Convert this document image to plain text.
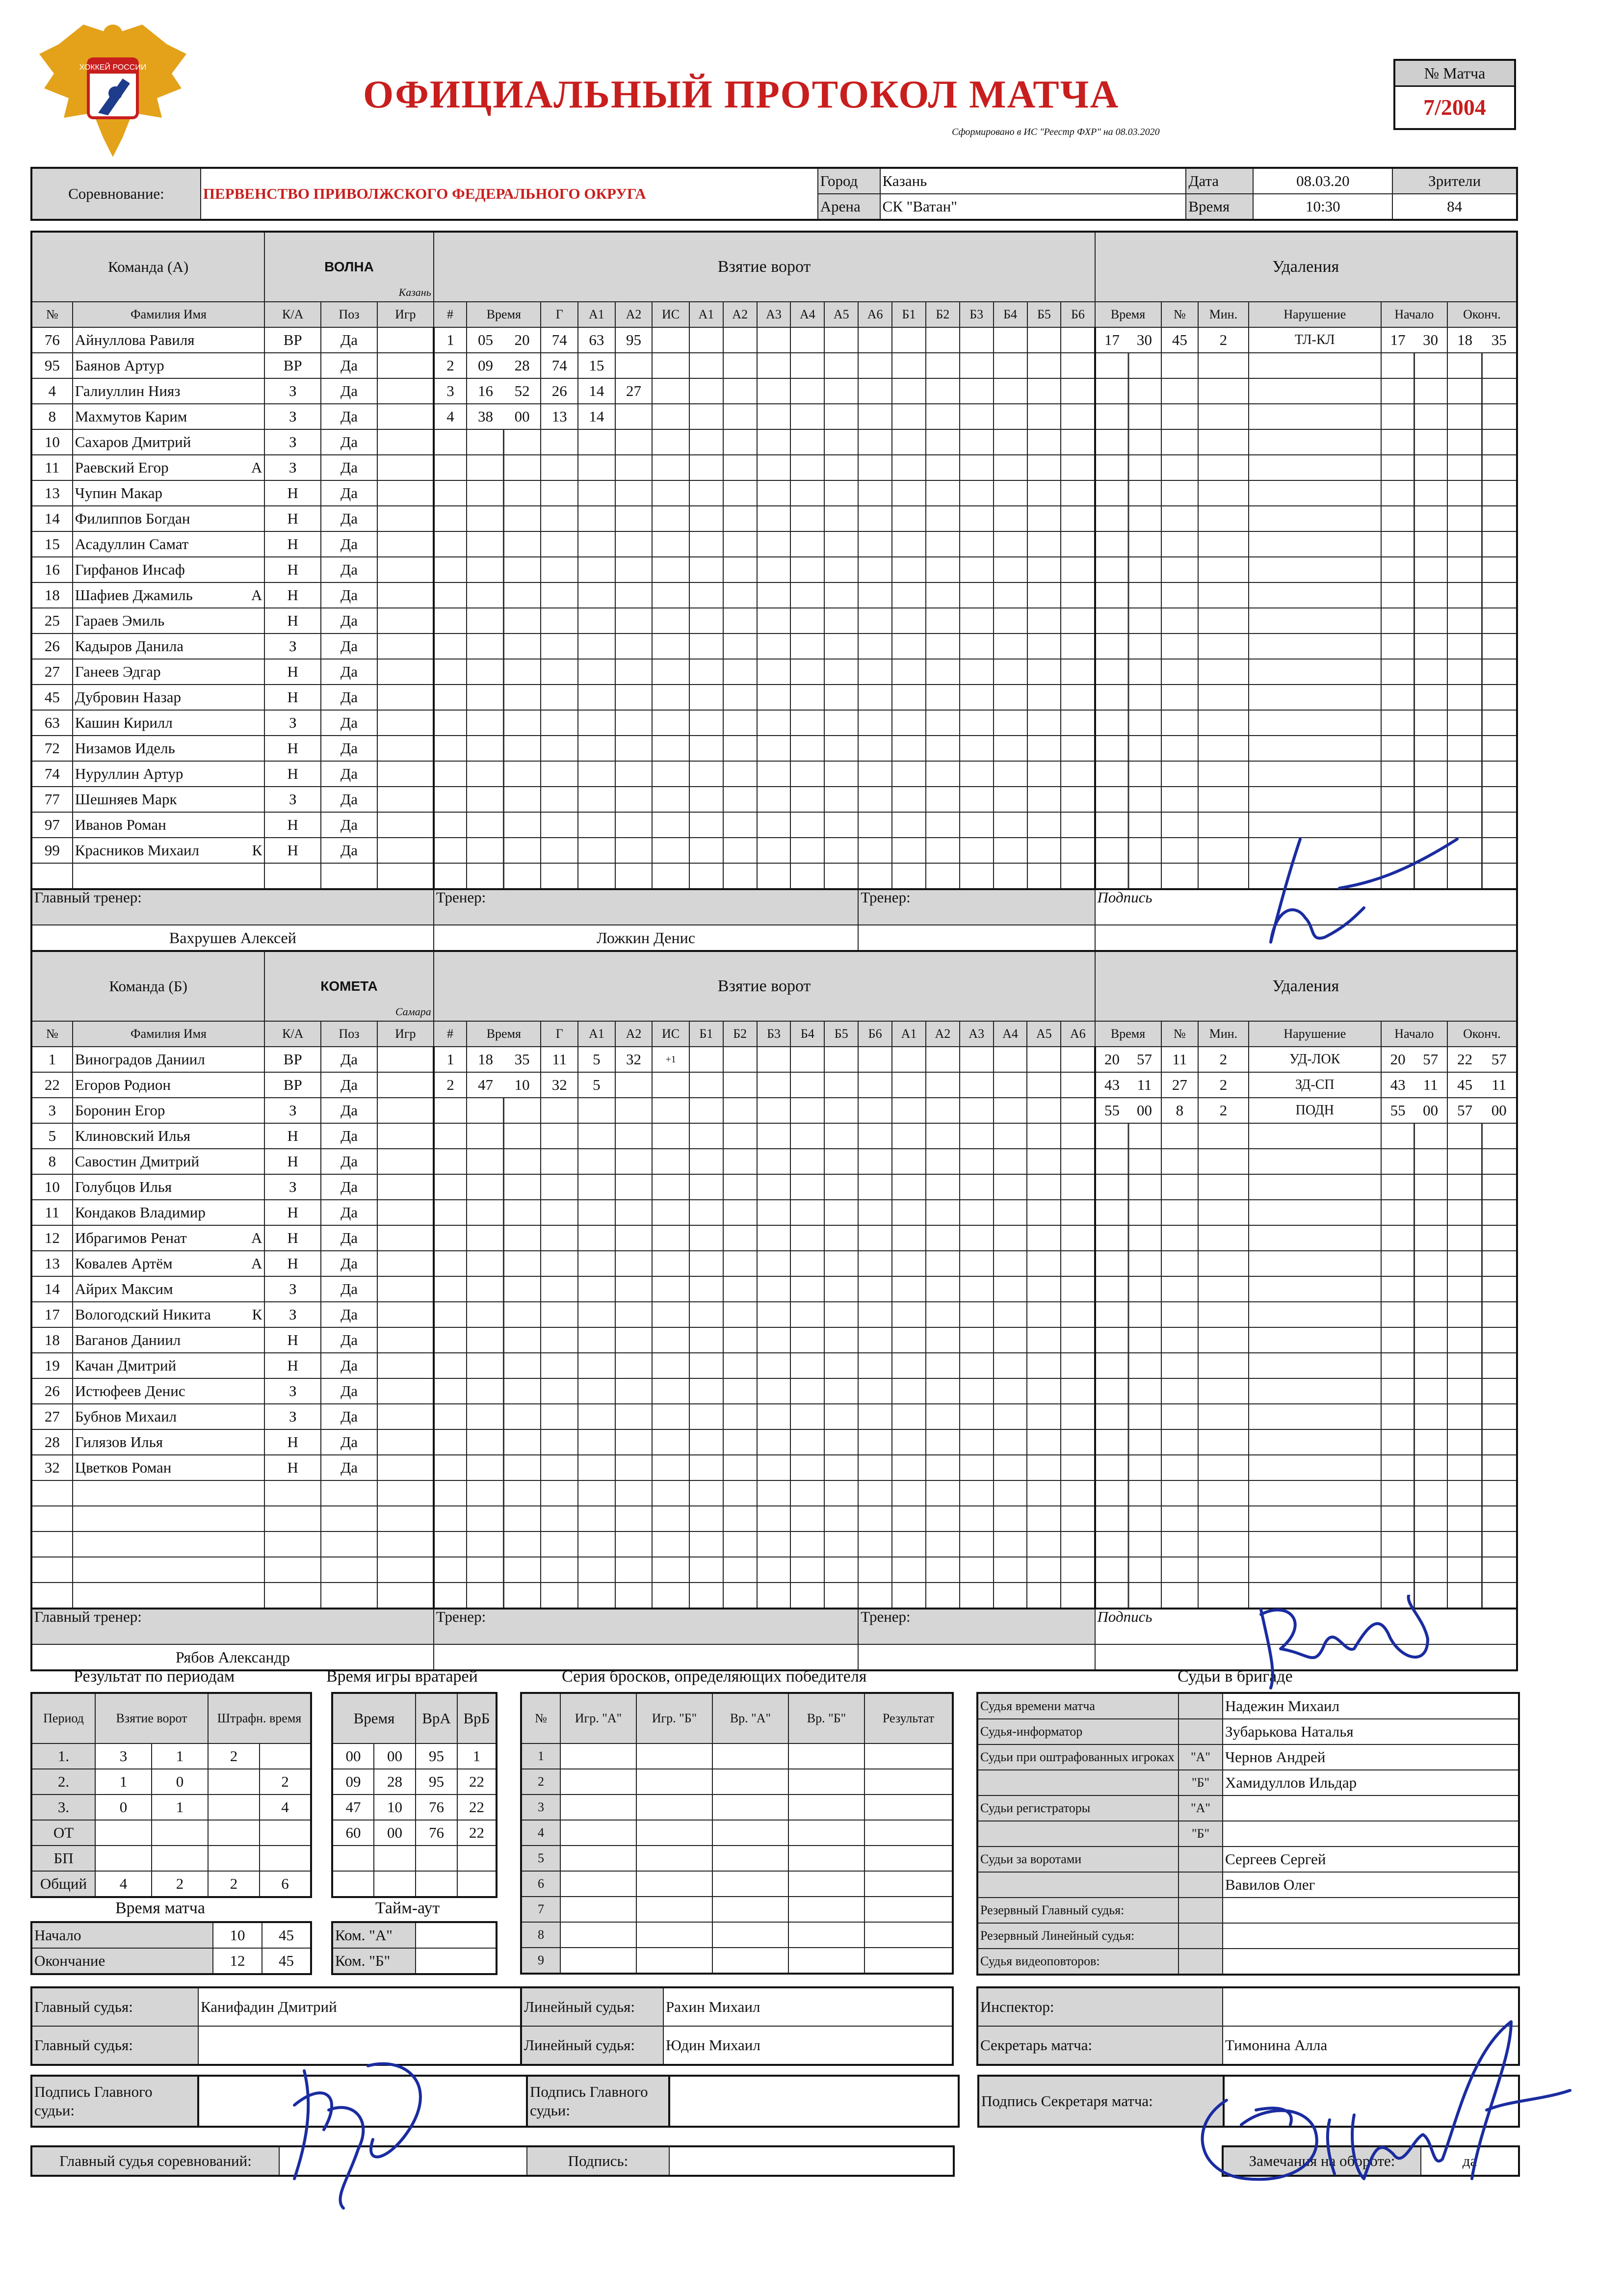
ХОККЕЙ РОССИИ
ОФИЦИАЛЬНЫЙ ПРОТОКОЛ МАТЧА
Сформировано в ИС "Реестр ФХР" на 08.03.2020
№ Матча
7/2004
Соревнование:	ПЕРВЕНСТВО ПРИВОЛЖСКОГО ФЕДЕРАЛЬНОГО ОКРУГА	Город	Казань	Дата	08.03.20	Зрители
		Арена	СК "Ватан"	Время	10:30	84
Команда (А)		ВОЛНА
Казань			Взятие ворот																		Удаления					
№	Фамилия Имя	К/А	Поз	Игр	#	Время	Г	А1	А2	ИС	А1	А2	А3	А4	А5	А6	Б1	Б2	Б3	Б4	Б5	Б6	Время	№	Мин.	Нарушение	Начало	Оконч.
76	Айнуллова Равиля	ВР	Да		1	05 20	74	63	95														17 30	45	2	ТЛ-КЛ	17 30	18 35
95	Баянов Артур	ВР	Да		2	09 28	74	15																				
4	Галиуллин Нияз	З	Да		3	16 52	26	14	27																			
8	Махмутов Карим	З	Да		4	38 00	13	14																				
10	Сахаров Дмитрий	З	Да																									
11	Раевский Егор А	З	Да																									
13	Чупин Макар	Н	Да																									
14	Филиппов Богдан	Н	Да																									
15	Асадуллин Самат	Н	Да																									
16	Гирфанов Инсаф	Н	Да																									
18	Шафиев Джамиль А	Н	Да																									
25	Гараев Эмиль	Н	Да																									
26	Кадыров Данила	З	Да																									
27	Ганеев Эдгар	Н	Да																									
45	Дубровин Назар	Н	Да																									
63	Кашин Кирилл	З	Да																									
72	Низамов Идель	Н	Да																									
74	Нуруллин Артур	Н	Да																									
77	Шешняев Марк	З	Да																									
97	Иванов Роман	Н	Да																									
99	Красников Михаил К	Н	Да																									

Главный тренер:					Тренер:											Тренер:							Подпись					
Вахрушев Алексей					Ложкин Денис																							
Команда (Б)		КОМЕТА
Самара			Взятие ворот																		Удаления					
№	Фамилия Имя	К/А	Поз	Игр	#	Время	Г	А1	А2	ИС	Б1	Б2	Б3	Б4	Б5	Б6	А1	А2	А3	А4	А5	А6	Время	№	Мин.	Нарушение	Начало	Оконч.
1	Виноградов Даниил	ВР	Да		1	18 35	11	5	32	+1													20 57	11	2	УД-ЛОК	20 57	22 57
22	Егоров Родион	ВР	Да		2	47 10	32	5															43 11	27	2	ЗД-СП	43 11	45 11
3	Боронин Егор	З	Да																				55 00	8	2	ПОДН	55 00	57 00
5	Клиновский Илья	Н	Да																									
8	Савостин Дмитрий	Н	Да																									
10	Голубцов Илья	З	Да																									
11	Кондаков Владимир	Н	Да																									
12	Ибрагимов Ренат А	Н	Да																									
13	Ковалев Артём А	Н	Да																									
14	Айрих Максим	З	Да																									
17	Вологодский Никита К	З	Да																									
18	Ваганов Даниил	Н	Да																									
19	Качан Дмитрий	Н	Да																									
26	Истюфеев Денис	З	Да																									
27	Бубнов Михаил	З	Да																									
28	Гилязов Илья	Н	Да																									
32	Цветков Роман	Н	Да																									

Главный тренер:					Тренер:											Тренер:							Подпись					
Рябов Александр																												
Результат по периодам
Период	Взятие ворот		Штрафн. время	
1.	3	1	2	
2.	1	0		2
3.	0	1		4
ОТ				
БП				
Общий	4	2	2	6
Время игры вратарей
Время		ВрА	ВрБ
00	00	95	1
09	28	95	22
47	10	76	22
60	00	76	22

Серия бросков, определяющих победителя
№	Игр. "А"	Игр. "Б"	Вр. "А"	Вр. "Б"	Результат
1					
2					
3					
4					
5					
6					
7					
8					
9					
Время матча
Начало	10	45
Окончание	12	45
Тайм-аут
Ком. "А"	
Ком. "Б"	
Судьи в бригаде
Судья времени матча		Надежин Михаил
Судья-информатор		Зубарькова Наталья
Судьи при оштрафованных игроках	"А"	Чернов Андрей
	"Б"	Хамидуллов Ильдар
Судьи регистраторы	"А"	
	"Б"	
Судьи за воротами		Сергеев Сергей
		Вавилов Олег
Резервный Главный судья:		
Резервный Линейный судья:		
Судья видеоповторов:		
Главный судья:	Канифадин Дмитрий
Главный судья:	
Линейный судья:	Рахин Михаил
Линейный судья:	Юдин Михаил
Инспектор:	
Секретарь матча:	Тимонина Алла
Подпись Главного судьи:		Подпись Главного судьи:			Подпись Секретаря матча:	
Главный судья соревнований:		Подпись:		Замечания на обороте:	да
